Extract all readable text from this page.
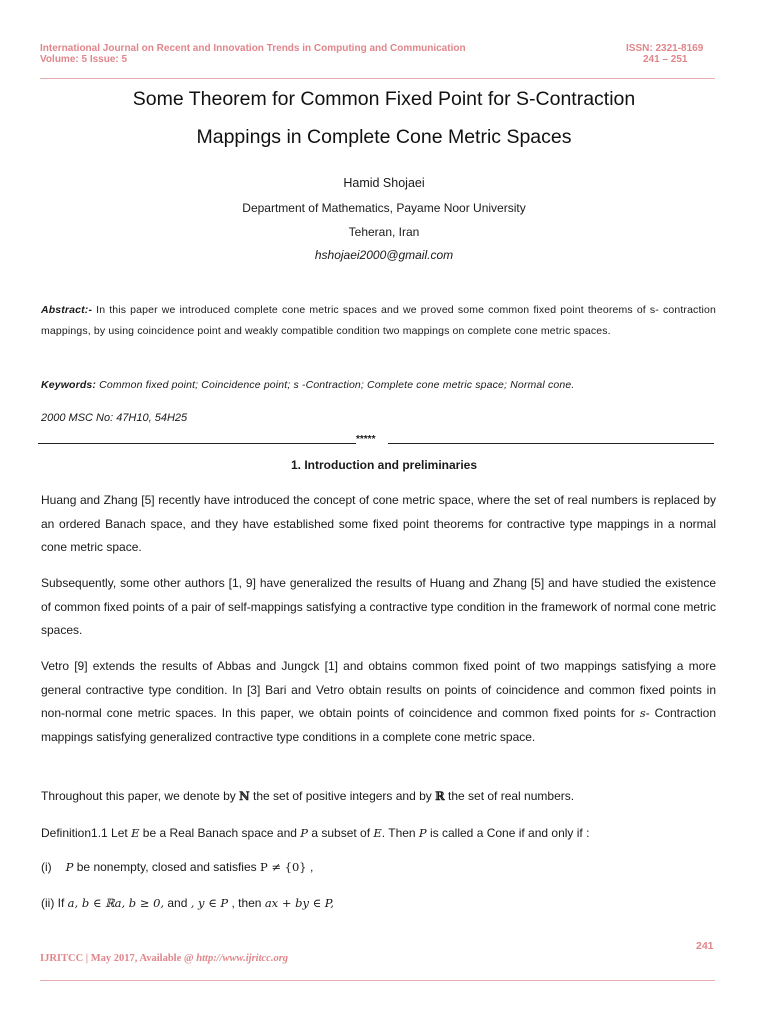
International Journal on Recent and Innovation Trends in Computing and Communication
Volume: 5 Issue: 5
ISSN: 2321-8169
241 – 251
Some Theorem for Common Fixed Point for S-Contraction
Mappings in Complete Cone Metric Spaces
Hamid Shojaei
Department of Mathematics, Payame Noor University
Teheran, Iran
hshojaei2000@gmail.com
Abstract:- In this paper we introduced complete cone metric spaces and we proved some common fixed point theorems of s- contraction mappings, by using coincidence point and weakly compatible condition two mappings on complete cone metric spaces.
Keywords: Common fixed point; Coincidence point; s -Contraction; Complete cone metric space; Normal cone.
2000 MSC No: 47H10, 54H25
*****
1. Introduction and preliminaries
Huang and Zhang [5] recently have introduced the concept of cone metric space, where the set of real numbers is replaced by an ordered Banach space, and they have established some fixed point theorems for contractive type mappings in a normal cone metric space.
Subsequently, some other authors [1, 9] have generalized the results of Huang and Zhang [5] and have studied the existence of common fixed points of a pair of self-mappings satisfying a contractive type condition in the framework of normal cone metric spaces.
Vetro [9] extends the results of Abbas and Jungck [1] and obtains common fixed point of two mappings satisfying a more general contractive type condition. In [3] Bari and Vetro obtain results on points of coincidence and common fixed points in non-normal cone metric spaces. In this paper, we obtain points of coincidence and common fixed points for s- Contraction mappings satisfying generalized contractive type conditions in a complete cone metric space.
Throughout this paper, we denote by ℕ the set of positive integers and by ℝ the set of real numbers.
Definition1.1 Let E be a Real Banach space and P a subset of E. Then P is called a Cone if and only if :
(i) P be nonempty, closed and satisfies P ≠ {0} ,
(ii) If a, b ∈ ℝa, b ≥ 0, and , y ∈ P , then ax + by ∈ P,
241
IJRITCC | May 2017, Available @ http://www.ijritcc.org
